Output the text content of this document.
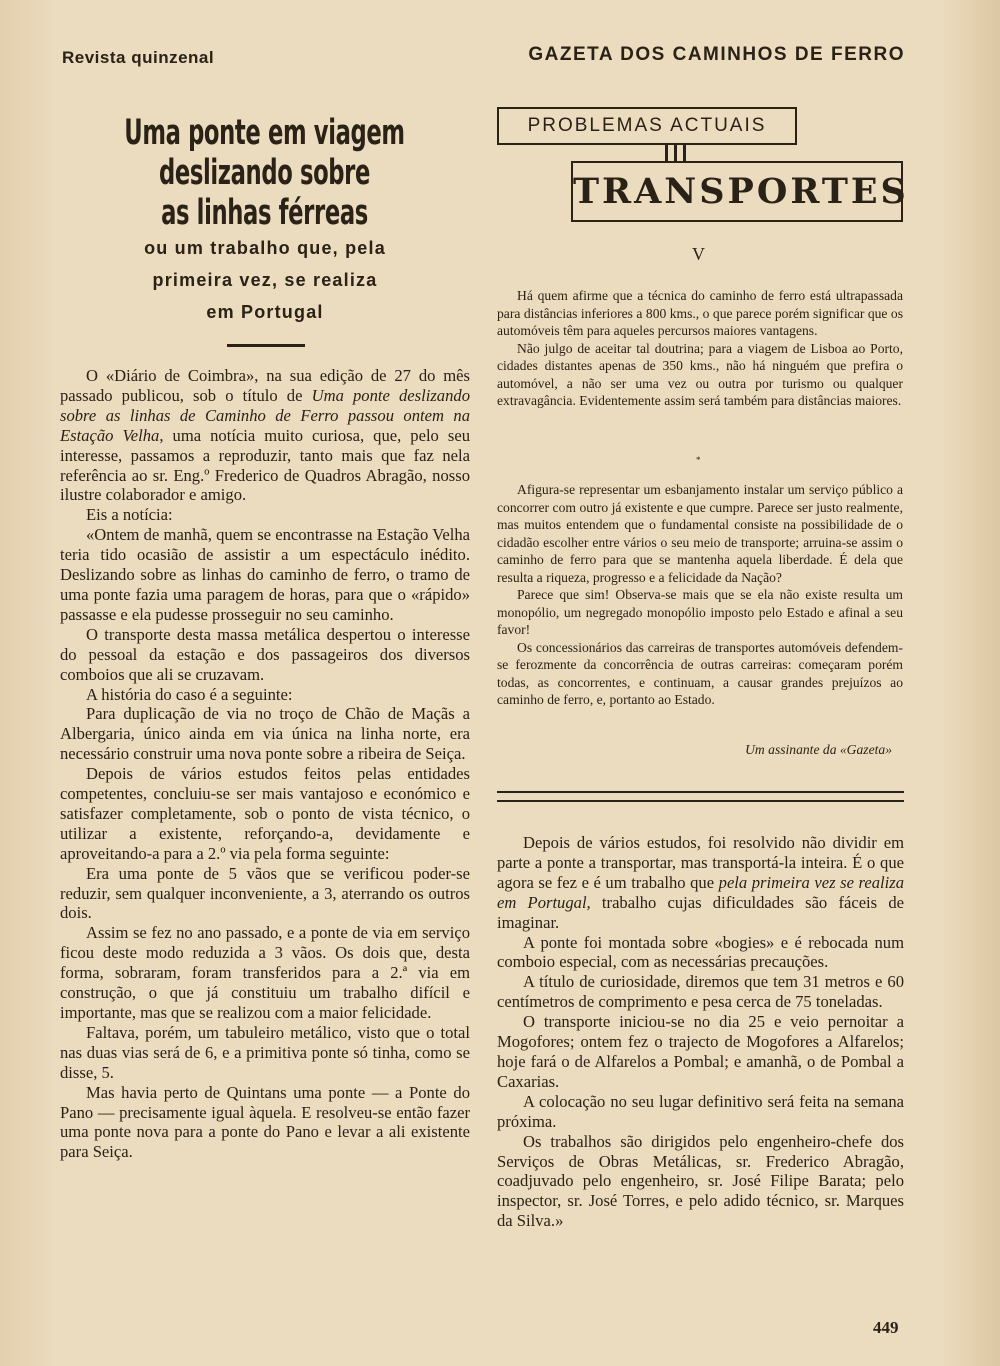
Revista quinzenal	GAZETA DOS CAMINHOS DE FERRO
Uma ponte em viagem deslizando sobre
as linhas férreas
ou um trabalho que, pela
primeira vez, se realiza
em Portugal

O «Diário de Coimbra», na sua edição de 27 do mês passado publicou, sob o título de Uma ponte deslizando sobre as linhas de Caminho de Ferro passou ontem na Estação Velha, uma notícia muito curiosa, que, pelo seu interesse, passamos a reproduzir, tanto mais que faz nela referência ao sr. Eng.º Frederico de Quadros Abragão, nosso ilustre colaborador e amigo.

Eis a notícia:

«Ontem de manhã, quem se encontrasse na Estação Velha teria tido ocasião de assistir a um espectáculo inédito. Deslizando sobre as linhas do caminho de ferro, o tramo de uma ponte fazia uma paragem de horas, para que o «rápido» passasse e ela pudesse prosseguir no seu caminho.

O transporte desta massa metálica despertou o interesse do pessoal da estação e dos passageiros dos diversos comboios que ali se cruzavam.

A história do caso é a seguinte:

Para duplicação de via no troço de Chão de Maçãs a Albergaria, único ainda em via única na linha norte, era necessário construir uma nova ponte sobre a ribeira de Seiça.

Depois de vários estudos feitos pelas entidades competentes, concluiu-se ser mais vantajoso e económico e satisfazer completamente, sob o ponto de vista técnico, o utilizar a existente, reforçando-a, devidamente e aproveitando-a para a 2.º via pela forma seguinte:

Era uma ponte de 5 vãos que se verificou poder-se reduzir, sem qualquer inconveniente, a 3, aterrando os outros dois.

Assim se fez no ano passado, e a ponte de via em serviço ficou deste modo reduzida a 3 vãos. Os dois que, desta forma, sobraram, foram transferidos para a 2.ª via em construção, o que já constituiu um trabalho difícil e importante, mas que se realizou com a maior felicidade.

Faltava, porém, um tabuleiro metálico, visto que o total nas duas vias será de 6, e a primitiva ponte só tinha, como se disse, 5.

Mas havia perto de Quintans uma ponte — a Ponte do Pano — precisamente igual àquela. E resolveu-se então fazer uma ponte nova para a ponte do Pano e levar a ali existente para Seiça.

PROBLEMAS ACTUAIS
TRANSPORTES
V

Há quem afirme que a técnica do caminho de ferro está ultrapassada para distâncias inferiores a 800 kms., o que parece porém significar que os automóveis têm para aqueles percursos maiores vantagens.

Não julgo de aceitar tal doutrina; para a viagem de Lisboa ao Porto, cidades distantes apenas de 350 kms., não há ninguém que prefira o automóvel, a não ser uma vez ou outra por turismo ou qualquer extravagância. Evidentemente assim será também para distâncias maiores.

*

Afigura-se representar um esbanjamento instalar um serviço público a concorrer com outro já existente e que cumpre. Parece ser justo realmente, mas muitos entendem que o fundamental consiste na possibilidade de o cidadão escolher entre vários o seu meio de transporte; arruina-se assim o caminho de ferro para que se mantenha aquela liberdade. É dela que resulta a riqueza, progresso e a felicidade da Nação?

Parece que sim! Observa-se mais que se ela não existe resulta um monopólio, um negregado monopólio imposto pelo Estado e afinal a seu favor!

Os concessionários das carreiras de transportes automóveis defendem-se ferozmente da concorrência de outras carreiras: começaram porém todas, as concorrentes, e continuam, a causar grandes prejuízos ao caminho de ferro, e, portanto ao Estado.

Um assinante da «Gazeta»

Depois de vários estudos, foi resolvido não dividir em parte a ponte a transportar, mas transportá-la inteira. É o que agora se fez e é um trabalho que pela primeira vez se realiza em Portugal, trabalho cujas dificuldades são fáceis de imaginar.

A ponte foi montada sobre «bogies» e é rebocada num comboio especial, com as necessárias precauções.

A título de curiosidade, diremos que tem 31 metros e 60 centímetros de comprimento e pesa cerca de 75 toneladas.

O transporte iniciou-se no dia 25 e veio pernoitar a Mogofores; ontem fez o trajecto de Mogofores a Alfarelos; hoje fará o de Alfarelos a Pombal; e amanhã, o de Pombal a Caxarias.

A colocação no seu lugar definitivo será feita na semana próxima.

Os trabalhos são dirigidos pelo engenheiro-chefe dos Serviços de Obras Metálicas, sr. Frederico Abragão, coadjuvado pelo engenheiro, sr. José Filipe Barata; pelo inspector, sr. José Torres, e pelo adido técnico, sr. Marques da Silva.»

449
